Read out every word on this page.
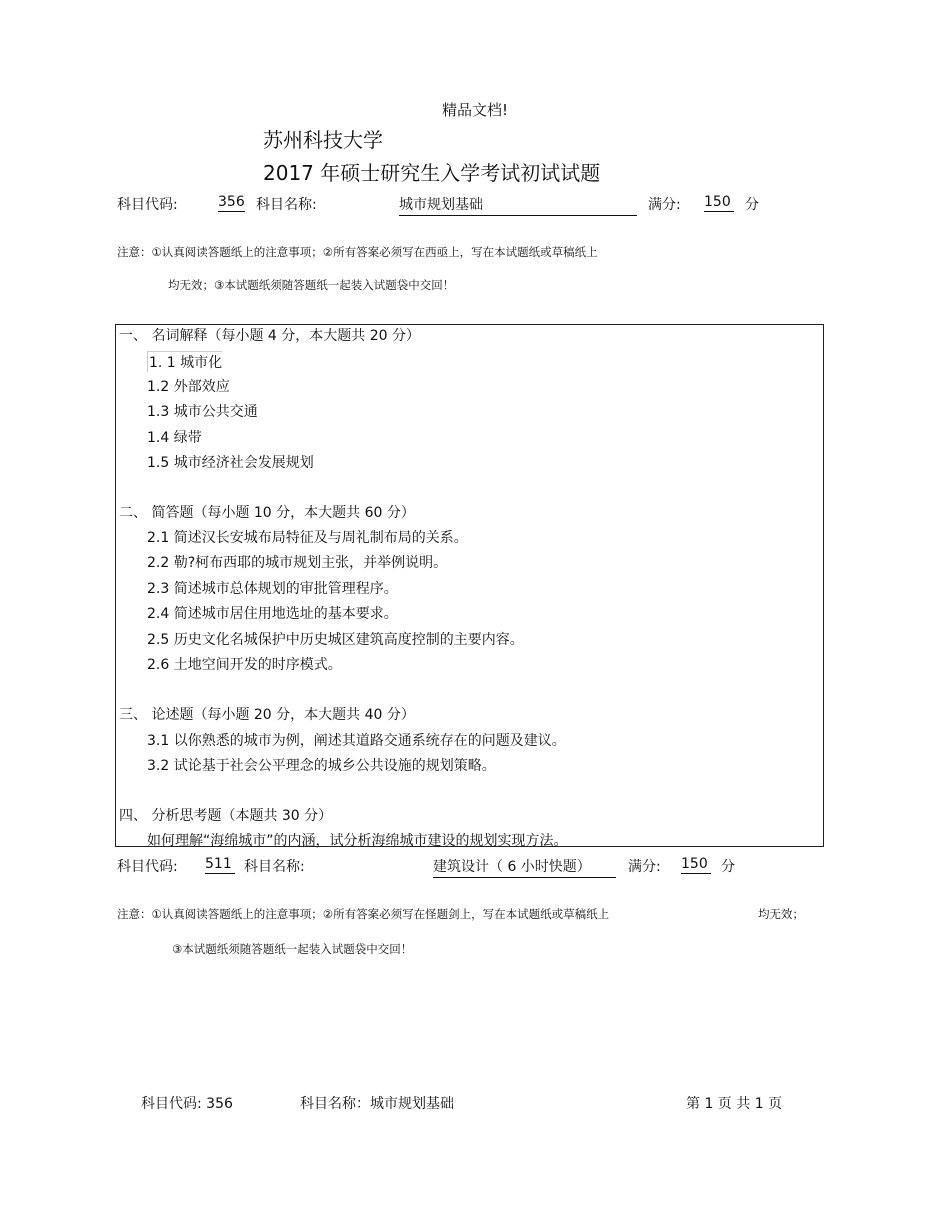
精品文档!
苏州科技大学
2017 年硕士研究生入学考试初试试题
科目代码:	356 科目名称:	城市规划基础	满分: 150 分
注意：①认真阅读答题纸上的注意事项；②所有答案必须写在西亟上，写在本试题纸或草稿纸上
均无效；③本试题纸须随答题纸一起装入试题袋中交回！
一、 名词解释（每小题 4 分，本大题共 20 分）
1. 1 城市化
1.2 外部效应
1.3 城市公共交通
1.4 绿带
1.5 城市经济社会发展规划
二、 简答题（每小题 10 分，本大题共 60 分）
2.1 简述汉长安城布局特征及与周礼制布局的关系。
2.2 勒?柯布西耶的城市规划主张，并举例说明。
2.3 简述城市总体规划的审批管理程序。
2.4 简述城市居住用地选址的基本要求。
2.5 历史文化名城保护中历史城区建筑高度控制的主要内容。
2.6 土地空间开发的时序模式。
三、 论述题（每小题 20 分，本大题共 40 分）
3.1 以你熟悉的城市为例，阐述其道路交通系统存在的问题及建议。
3.2 试论基于社会公平理念的城乡公共设施的规划策略。
四、 分析思考题（本题共 30 分）
如何理解“海绵城市”的内涵，试分析海绵城市建设的规划实现方法。
科目代码: 511 科目名称:	建筑设计（ 6 小时快题）	满分: 150 分
注意：①认真阅读答题纸上的注意事项；②所有答案必须写在怪题剑上，写在本试题纸或草稿纸上	均无效；
③本试题纸须随答题纸一起装入试题袋中交回！
科目代码: 356	科目名称：城市规划基础	第 1 页 共 1 页
